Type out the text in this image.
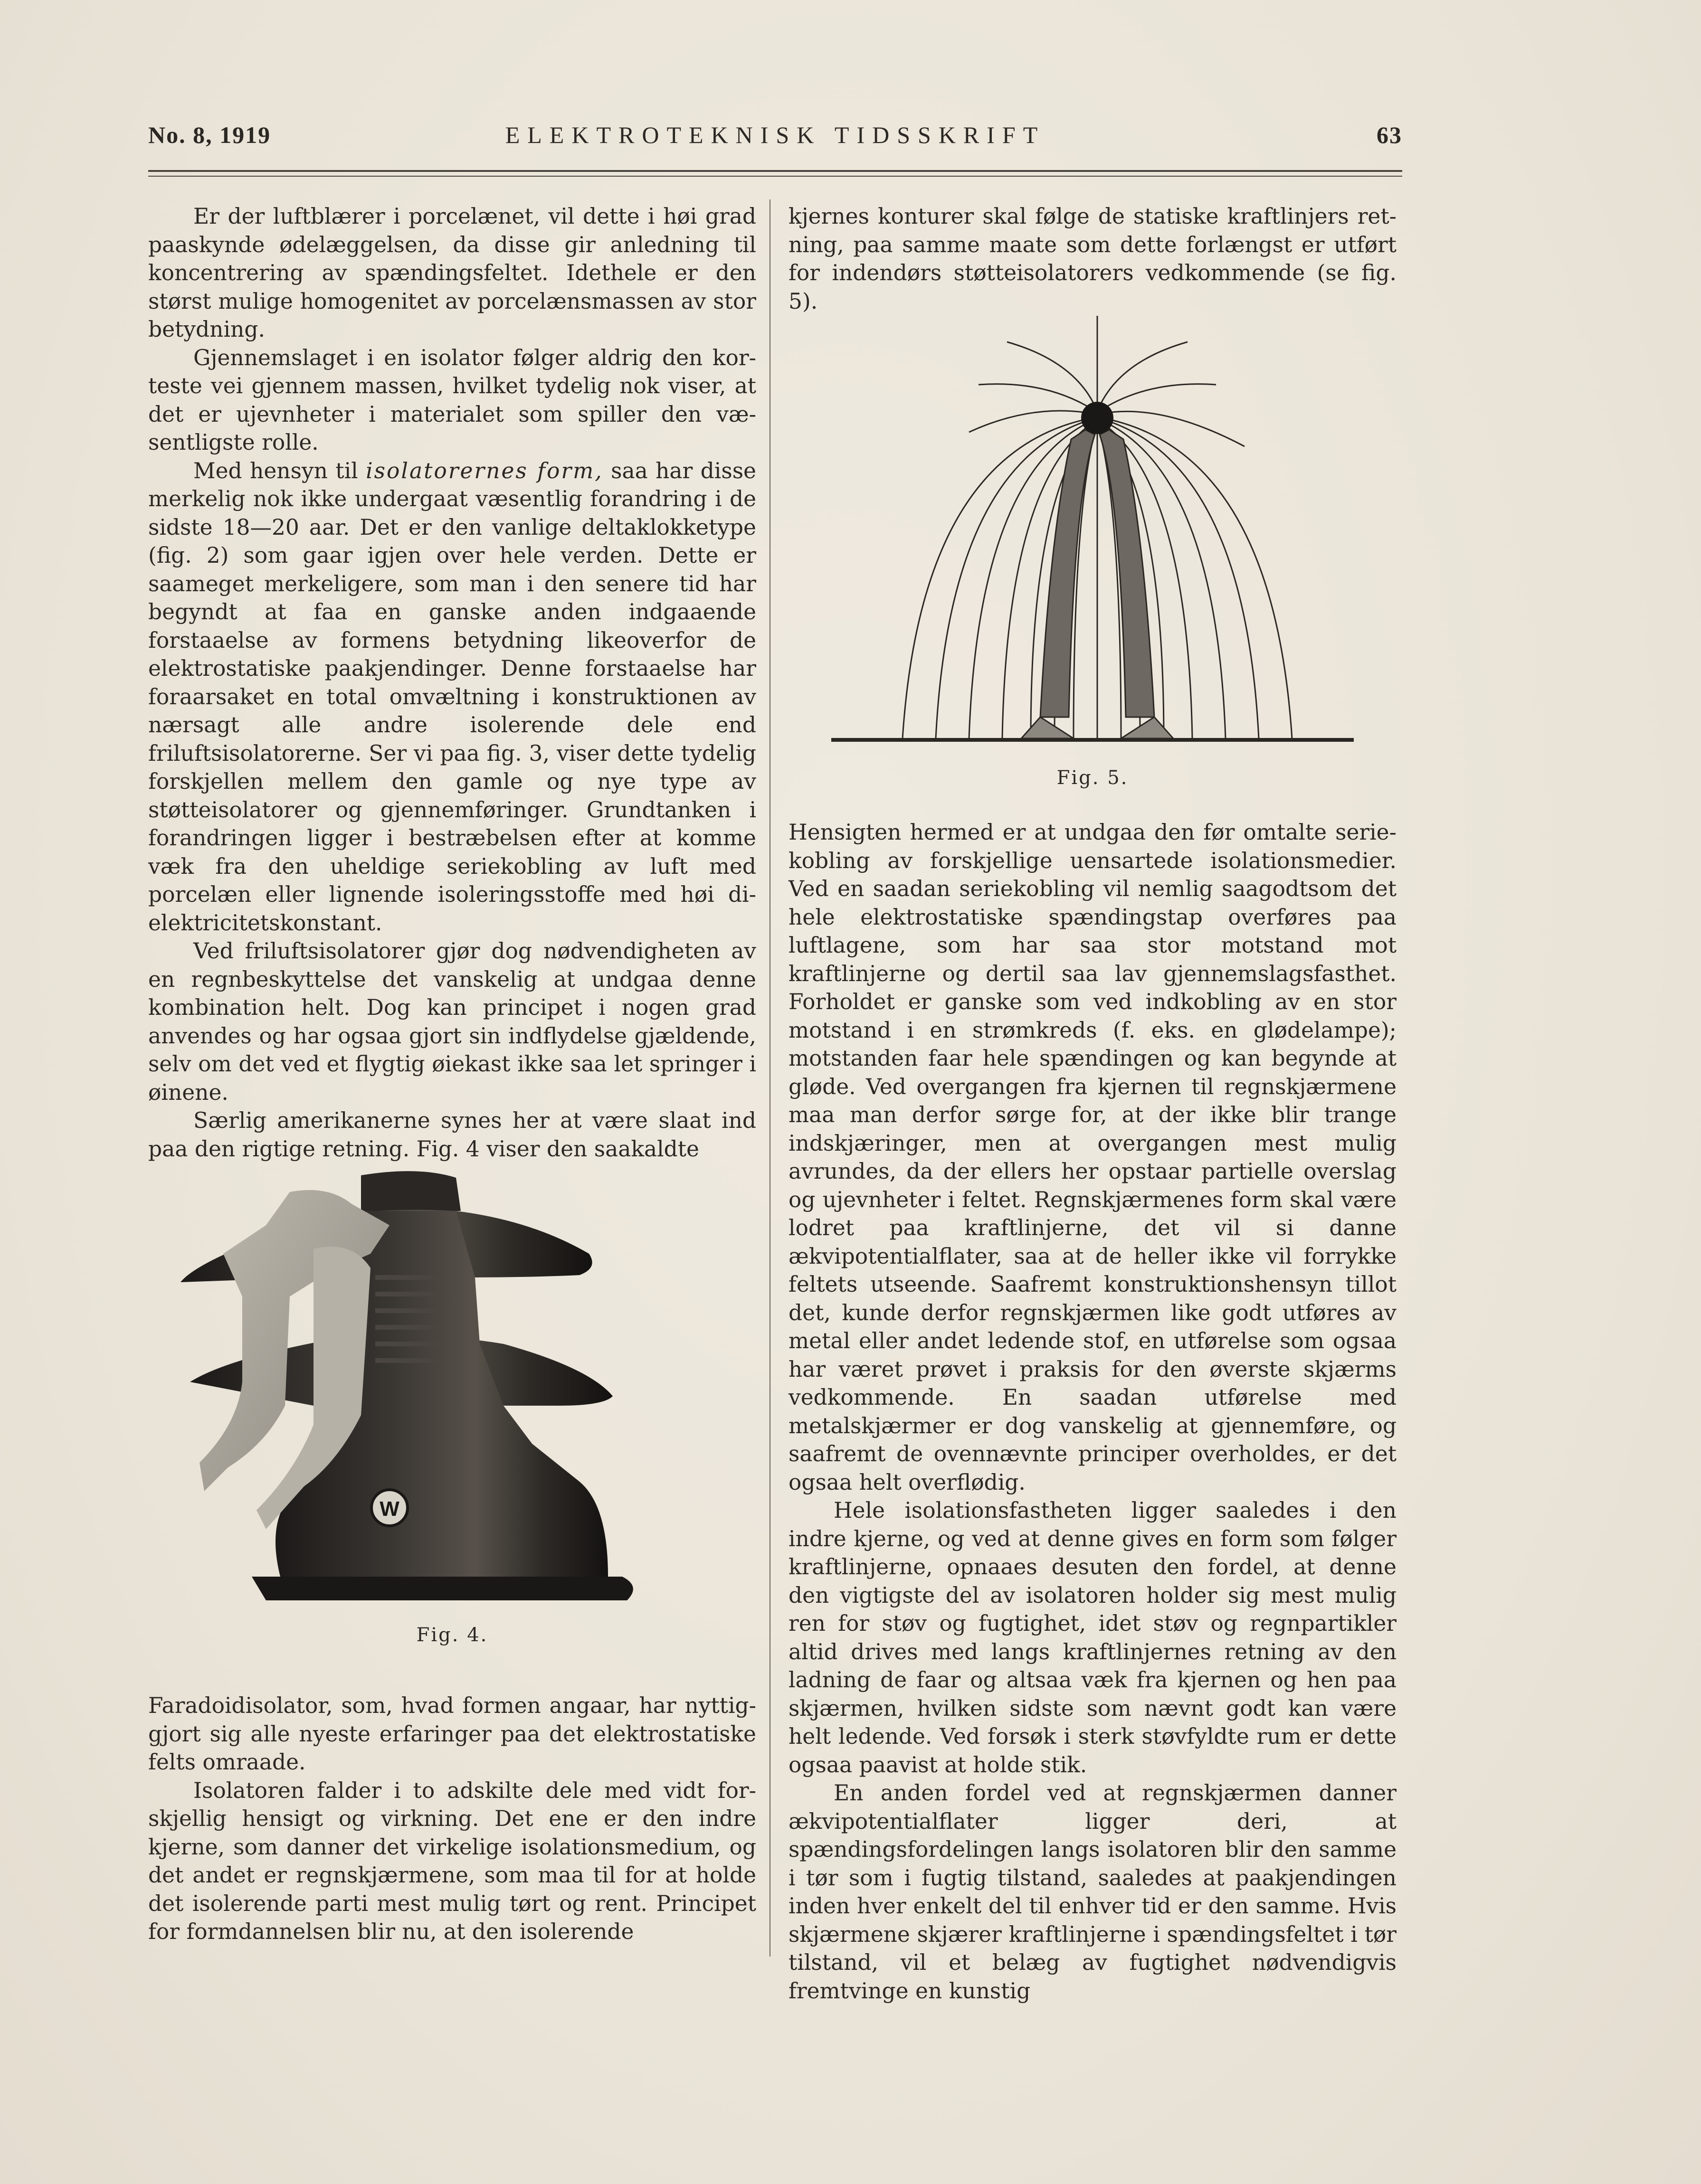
No. 8, 1919	ELEKTROTEKNISK TIDSSKRIFT	63

Er der luftblærer i porcelænet, vil dette i høi grad paaskynde ødelæggelsen, da disse gir anledning til koncentrering av spændingsfeltet. Idethele er den størst mulige homogenitet av porcelænsmassen av stor betydning.

Gjennemslaget i en isolator følger aldrig den korteste vei gjennem massen, hvilket tydelig nok viser, at det er ujevnheter i materialet som spiller den væsentligste rolle.

Med hensyn til isolatorernes form, saa har disse merkelig nok ikke undergaat væsentlig forandring i de sidste 18—20 aar. Det er den vanlige deltaklokketype (fig. 2) som gaar igjen over hele verden. Dette er saameget merkeligere, som man i den senere tid har begyndt at faa en ganske anden indgaaende forstaaelse av formens betydning likeoverfor de elektrostatiske paakjendinger. Denne forstaaelse har foraarsaket en total omvæltning i konstruktionen av nærsagt alle andre isolerende dele end friluftsisolatorerne. Ser vi paa fig. 3, viser dette tydelig forskjellen mellem den gamle og nye type av støtteisolatorer og gjennemføringer. Grundtanken i forandringen ligger i bestræbelsen efter at komme væk fra den uheldige seriekobling av luft med porcelæn eller lignende isoleringsstoffe med høi dielektricitetskonstant.

Ved friluftsisolatorer gjør dog nødvendigheten av en regnbeskyttelse det vanskelig at undgaa denne kombination helt. Dog kan principet i nogen grad anvendes og har ogsaa gjort sin indflydelse gjældende, selv om det ved et flygtig øiekast ikke saa let springer i øinene.

Særlig amerikanerne synes her at være slaat ind paa den rigtige retning. Fig. 4 viser den saakaldte

W
Fig. 4.

Faradoidisolator, som, hvad formen angaar, har nyttiggjort sig alle nyeste erfaringer paa det elektrostatiske felts omraade.

Isolatoren falder i to adskilte dele med vidt forskjellig hensigt og virkning. Det ene er den indre kjerne, som danner det virkelige isolationsmedium, og det andet er regnskjærmene, som maa til for at holde det isolerende parti mest mulig tørt og rent. Principet for formdannelsen blir nu, at den isolerende

kjernes konturer skal følge de statiske kraftlinjers retning, paa samme maate som dette forlængst er utført for indendørs støtteisolatorers vedkommende (se fig. 5).

Fig. 5.

Hensigten hermed er at undgaa den før omtalte seriekobling av forskjellige uensartede isolationsmedier. Ved en saadan seriekobling vil nemlig saagodtsom det hele elektrostatiske spændingstap overføres paa luftlagene, som har saa stor motstand mot kraftlinjerne og dertil saa lav gjennemslagsfasthet. Forholdet er ganske som ved indkobling av en stor motstand i en strømkreds (f. eks. en glødelampe); motstanden faar hele spændingen og kan begynde at gløde. Ved overgangen fra kjernen til regnskjærmene maa man derfor sørge for, at der ikke blir trange indskjæringer, men at overgangen mest mulig avrundes, da der ellers her opstaar partielle overslag og ujevnheter i feltet. Regnskjærmenes form skal være lodret paa kraftlinjerne, det vil si danne ækvipotentialflater, saa at de heller ikke vil forrykke feltets utseende. Saafremt konstruktionshensyn tillot det, kunde derfor regnskjærmen like godt utføres av metal eller andet ledende stof, en utførelse som ogsaa har været prøvet i praksis for den øverste skjærms vedkommende. En saadan utførelse med metalskjærmer er dog vanskelig at gjennemføre, og saafremt de ovennævnte principer overholdes, er det ogsaa helt overflødig.

Hele isolationsfastheten ligger saaledes i den indre kjerne, og ved at denne gives en form som følger kraftlinjerne, opnaaes desuten den fordel, at denne den vigtigste del av isolatoren holder sig mest mulig ren for støv og fugtighet, idet støv og regnpartikler altid drives med langs kraftlinjernes retning av den ladning de faar og altsaa væk fra kjernen og hen paa skjærmen, hvilken sidste som nævnt godt kan være helt ledende. Ved forsøk i sterk støvfyldte rum er dette ogsaa paavist at holde stik.

En anden fordel ved at regnskjærmen danner ækvipotentialflater ligger deri, at spændingsfordelingen langs isolatoren blir den samme i tør som i fugtig tilstand, saaledes at paakjendingen inden hver enkelt del til enhver tid er den samme. Hvis skjærmene skjærer kraftlinjerne i spændingsfeltet i tør tilstand, vil et belæg av fugtighet nødvendigvis fremtvinge en kunstig
